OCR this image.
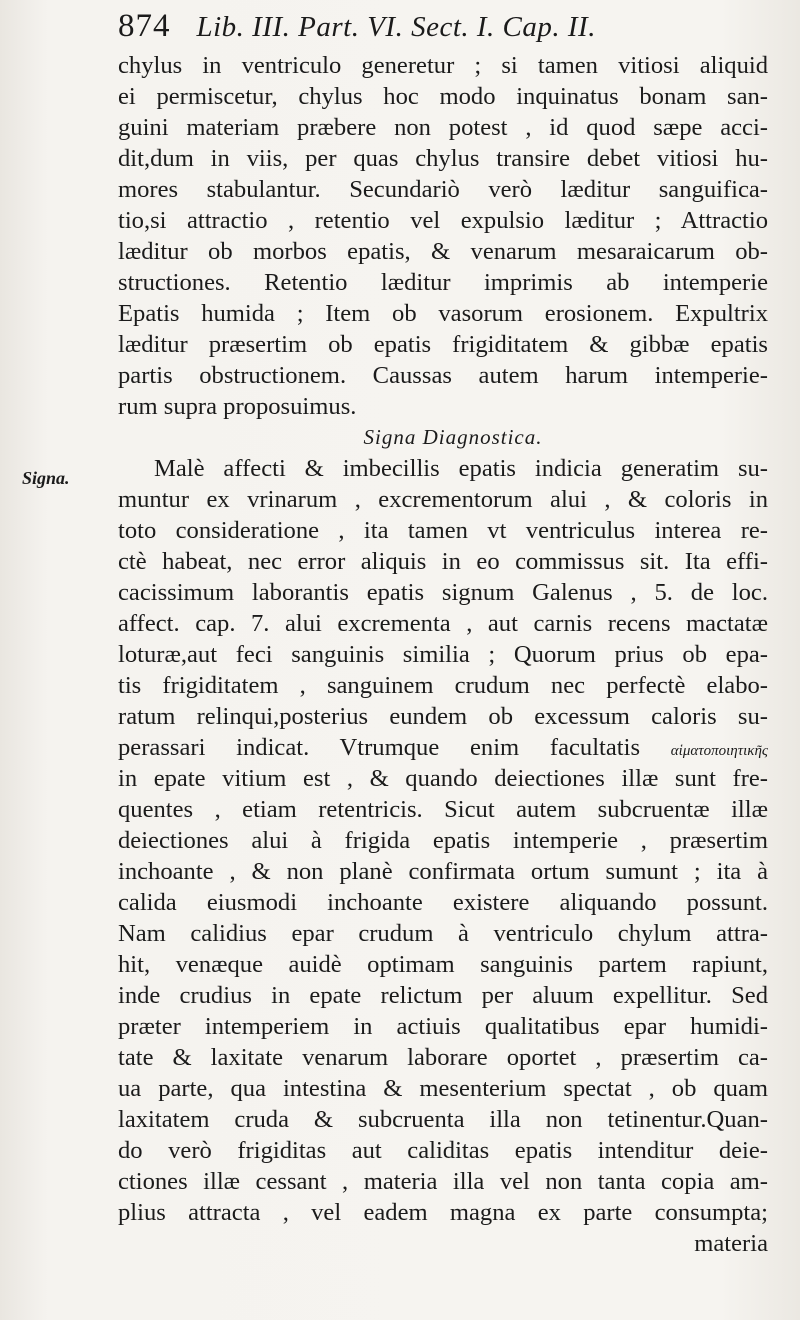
874 Lib. III. Part. VI. Sect. I. Cap. II.
Signa.
chylus in ventriculo generetur ; si tamen vitiosi aliquid
ei permiscetur, chylus hoc modo inquinatus bonam san-
guini materiam præbere non potest , id quod sæpe acci-
dit,dum in viis, per quas chylus transire debet vitiosi hu-
mores stabulantur. Secundariò verò læditur sanguifica-
tio,si attractio , retentio vel expulsio læditur ; Attractio
læditur ob morbos epatis, & venarum mesaraicarum ob-
structiones. Retentio læditur imprimis ab intemperie
Epatis humida ; Item ob vasorum erosionem. Expultrix
læditur præsertim ob epatis frigiditatem & gibbæ epatis
partis obstructionem. Caussas autem harum intemperie-
rum supra proposuimus.
Signa Diagnostica.
Malè affecti & imbecillis epatis indicia generatim su-
muntur ex vrinarum , excrementorum alui , & coloris in
toto consideratione , ita tamen vt ventriculus interea re-
ctè habeat, nec error aliquis in eo commissus sit. Ita effi-
cacissimum laborantis epatis signum Galenus , 5. de loc.
affect. cap. 7. alui excrementa , aut carnis recens mactatæ
loturæ,aut feci sanguinis similia ; Quorum prius ob epa-
tis frigiditatem , sanguinem crudum nec perfectè elabo-
ratum relinqui,posterius eundem ob excessum caloris su-
perassari indicat. Vtrumque enim facultatis αἱματοποιητικῆς
in epate vitium est , & quando deiectiones illæ sunt fre-
quentes , etiam retentricis. Sicut autem subcruentæ illæ
deiectiones alui à frigida epatis intemperie , præsertim
inchoante , & non planè confirmata ortum sumunt ; ita à
calida eiusmodi inchoante existere aliquando possunt.
Nam calidius epar crudum à ventriculo chylum attra-
hit, venæque auidè optimam sanguinis partem rapiunt,
inde crudius in epate relictum per aluum expellitur. Sed
præter intemperiem in actiuis qualitatibus epar humidi-
tate & laxitate venarum laborare oportet , præsertim ca-
ua parte, qua intestina & mesenterium spectat , ob quam
laxitatem cruda & subcruenta illa non tetinentur.Quan-
do verò frigiditas aut caliditas epatis intenditur deie-
ctiones illæ cessant , materia illa vel non tanta copia am-
plius attracta , vel eadem magna ex parte consumpta;
materia
